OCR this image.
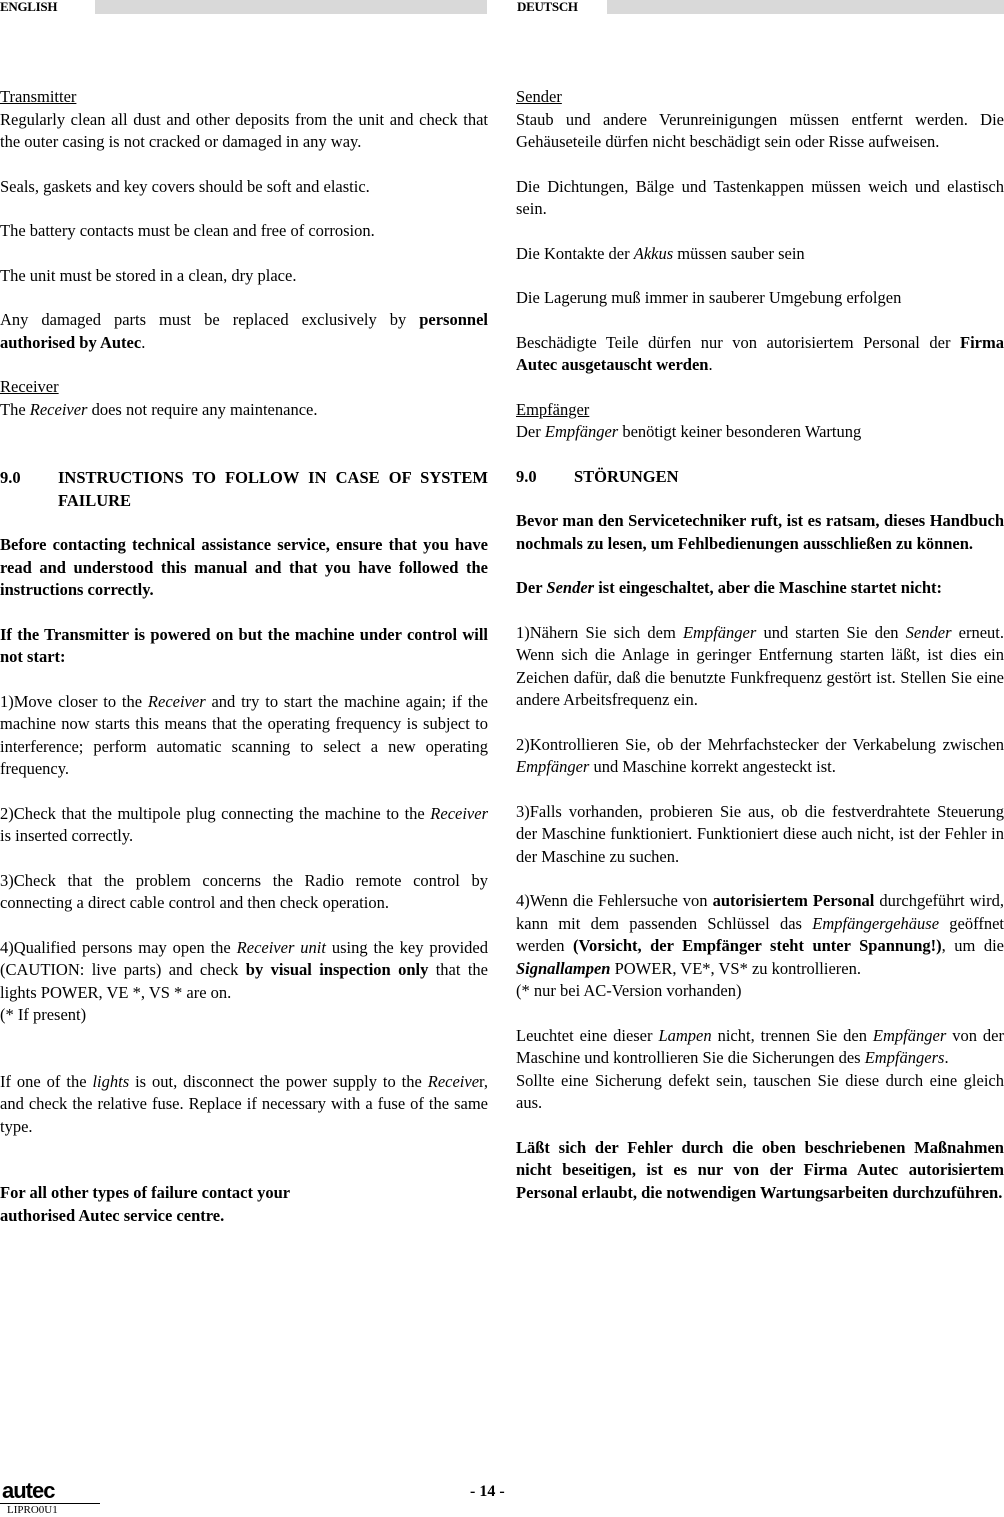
ENGLISH	DEUTSCH

Transmitter

Regularly clean all dust and other deposits from the unit and check that the outer casing is not cracked or damaged in any way.

Seals, gaskets and key covers should be soft and elastic.

The battery contacts must be clean and free of corrosion.

The unit must be stored in a clean, dry place.

Any damaged parts must be replaced exclusively by personnel authorised by Autec.

Receiver

The Receiver does not require any maintenance.

9.0	INSTRUCTIONS TO FOLLOW IN CASE OF SYSTEM FAILURE

Before contacting technical assistance service, ensure that you have read and understood this manual and that you have followed the instructions correctly.

If the Transmitter is powered on but the machine under control will not start:

1)Move closer to the Receiver and try to start the machine again; if the machine now starts this means that the operating frequency is subject to interference; perform automatic scanning to select a new operating frequency.

2)Check that the multipole plug connecting the machine to the Receiver is inserted correctly.

3)Check that the problem concerns the Radio remote control by connecting a direct cable control and then check operation.

4)Qualified persons may open the Receiver unit using the key provided (CAUTION: live parts) and check by visual inspection only that the lights POWER, VE *, VS * are on.

(* If present)

If one of the lights is out, disconnect the power supply to the Receiver, and check the relative fuse. Replace if necessary with a fuse of the same type.

For all other types of failure contact your

authorised Autec service centre.

Sender

Staub und andere Verunreinigungen müssen entfernt werden. Die Gehäuseteile dürfen nicht beschädigt sein oder Risse aufweisen.

Die Dichtungen, Bälge und Tastenkappen müssen weich und elastisch sein.

Die Kontakte der Akkus müssen sauber sein

Die Lagerung muß immer in sauberer Umgebung erfolgen

Beschädigte Teile dürfen nur von autorisiertem Personal der Firma Autec ausgetauscht werden.

Empfänger

Der Empfänger benötigt keiner besonderen Wartung

9.0	STÖRUNGEN

Bevor man den Servicetechniker ruft, ist es ratsam, dieses Handbuch nochmals zu lesen, um Fehlbedienungen ausschließen zu können.

Der Sender ist eingeschaltet, aber die Maschine startet nicht:

1)Nähern Sie sich dem Empfänger und starten Sie den Sender erneut. Wenn sich die Anlage in geringer Entfernung starten läßt, ist dies ein Zeichen dafür, daß die benutzte Funkfrequenz gestört ist. Stellen Sie eine andere Arbeitsfrequenz ein.

2)Kontrollieren Sie, ob der Mehrfachstecker der Verkabelung zwischen Empfänger und Maschine korrekt angesteckt ist.

3)Falls vorhanden, probieren Sie aus, ob die festverdrahtete Steuerung der Maschine funktioniert. Funktioniert diese auch nicht, ist der Fehler in der Maschine zu suchen.

4)Wenn die Fehlersuche von autorisiertem Personal durchgeführt wird, kann mit dem passenden Schlüssel das Empfängergehäuse geöffnet werden (Vorsicht, der Empfänger steht unter Spannung!), um die Signallampen POWER, VE*, VS* zu kontrollieren.

(* nur bei AC-Version vorhanden)

Leuchtet eine dieser Lampen nicht, trennen Sie den Empfänger von der Maschine und kontrollieren Sie die Sicherungen des Empfängers.

Sollte eine Sicherung defekt sein, tauschen Sie diese durch eine gleich aus.

Läßt sich der Fehler durch die oben beschriebenen Maßnahmen nicht beseitigen, ist es nur von der Firma Autec autorisiertem Personal erlaubt, die notwendigen Wartungsarbeiten durchzuführen.

autec
LIPRO0U1
- 14 -
